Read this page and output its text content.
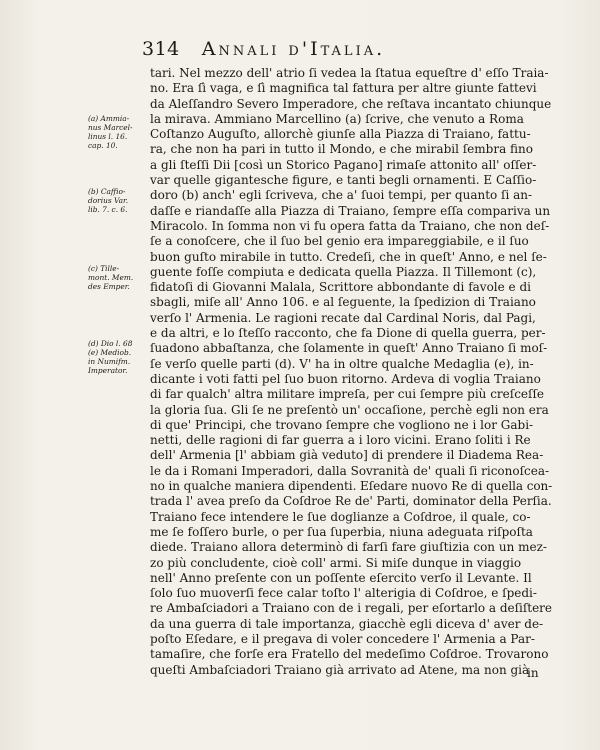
314 Annali d'Italia.
(a) Ammia-
nus Marcel-
linus l. 16.
cap. 10.
(b) Caffio-
dorius Var.
lib. 7. c. 6.
(c) Tille-
mont. Mem.
des Emper.
(d) Dio l. 68
(e) Mediob.
in Numifm.
Imperator.
tari. Nel mezzo dell' atrio ſi vedea la ſtatua equeſtre d' eſſo Traia-
no. Era ſì vaga, e ſì magnifica tal fattura per altre giunte fattevi
da Aleſſandro Severo Imperadore, che reſtava incantato chiunque
la mirava. Ammiano Marcellino (a) ſcrive, che venuto a Roma
Coſtanzo Auguſto, allorchè giunſe alla Piazza di Traiano, fattu-
ra, che non ha pari in tutto il Mondo, e che mirabil ſembra fino
a gli ſteſſi Dii [così un Storico Pagano] rimaſe attonito all' oſſer-
var quelle gigantesche figure, e tanti begli ornamenti. E Caſſio-
doro (b) anch' egli ſcriveva, che a' ſuoi tempi, per quanto ſi an-
daſſe e riandaſſe alla Piazza di Traiano, ſempre eſſa compariva un
Miracolo. In ſomma non vi fu opera fatta da Traiano, che non deſ-
ſe a conoſcere, che il ſuo bel genio era impareggiabile, e il ſuo
buon guſto mirabile in tutto. Credeſi, che in queſt' Anno, e nel ſe-
guente foſſe compiuta e dedicata quella Piazza. Il Tillemont (c),
fidatoſi di Giovanni Malala, Scrittore abbondante di favole e di
sbagli, miſe all' Anno 106. e al ſeguente, la ſpedizion di Traiano
verſo l' Armenia. Le ragioni recate dal Cardinal Noris, dal Pagi,
e da altri, e lo ſteſſo racconto, che fa Dione di quella guerra, per-
ſuadono abbaſtanza, che ſolamente in queſt' Anno Traiano ſi moſ-
ſe verſo quelle parti (d). V' ha in oltre qualche Medaglia (e), in-
dicante i voti fatti pel ſuo buon ritorno. Ardeva di voglia Traiano
di far qualch' altra militare impreſa, per cui ſempre più creſceſſe
la gloria ſua. Gli ſe ne preſentò un' occaſione, perchè egli non era
di que' Principi, che trovano ſempre che vogliono ne i lor Gabi-
netti, delle ragioni di far guerra a i loro vicini. Erano ſoliti i Re
dell' Armenia [l' abbiam già veduto] di prendere il Diadema Rea-
le da i Romani Imperadori, dalla Sovranità de' quali ſi riconoſcea-
no in qualche maniera dipendenti. Eſedare nuovo Re di quella con-
trada l' avea preſo da Coſdroe Re de' Parti, dominator della Perſia.
Traiano fece intendere le ſue doglianze a Coſdroe, il quale, co-
me ſe foſſero burle, o per ſua ſuperbia, niuna adeguata riſpoſta
diede. Traiano allora determinò di farſi fare giuſtizia con un mez-
zo più concludente, cioè coll' armi. Si miſe dunque in viaggio
nell' Anno preſente con un poſſente eſercito verſo il Levante. Il
ſolo ſuo muoverſi fece calar toſto l' alterigia di Coſdroe, e ſpedi-
re Ambaſciadori a Traiano con de i regali, per eſortarlo a deſiſtere
da una guerra di tale importanza, giacchè egli diceva d' aver de-
poſto Eſedare, e il pregava di voler concedere l' Armenia a Par-
tamaſire, che forſe era Fratello del medeſimo Coſdroe. Trovarono
queſti Ambaſciadori Traiano già arrivato ad Atene, ma non già
in
